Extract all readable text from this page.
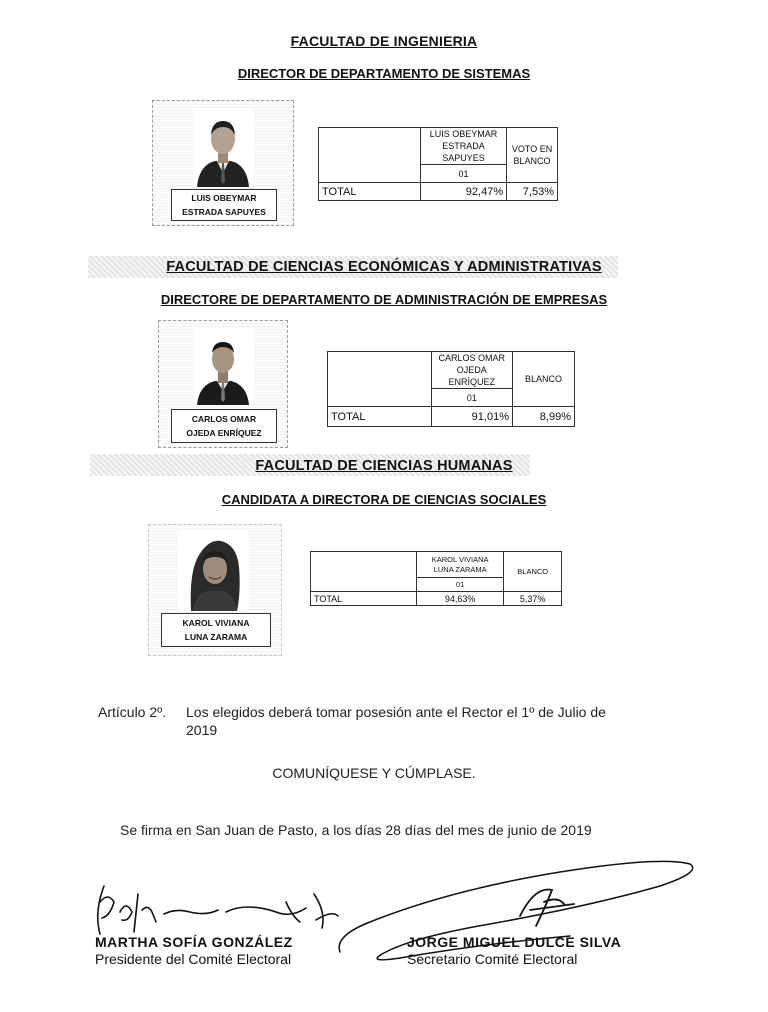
FACULTAD DE INGENIERIA
DIRECTOR DE DEPARTAMENTO DE SISTEMAS
LUIS OBEYMAR
ESTRADA SAPUYES

	LUIS OBEYMAR
ESTRADA SAPUYES	VOTO EN BLANCO
	01	
TOTAL	92,47%	7,53%
FACULTAD DE CIENCIAS ECONÓMICAS Y ADMINISTRATIVAS
DIRECTORE DE DEPARTAMENTO DE ADMINISTRACIÓN DE EMPRESAS
CARLOS OMAR
OJEDA ENRÍQUEZ

	CARLOS OMAR
OJEDA ENRÍQUEZ	BLANCO
	01	
TOTAL	91,01%	8,99%
FACULTAD DE CIENCIAS HUMANAS
CANDIDATA A DIRECTORA DE CIENCIAS SOCIALES
KAROL VIVIANA
LUNA ZARAMA

	KAROL VIVIANA
LUNA ZARAMA	BLANCO
	01	
TOTAL	94,63%	5,37%
Artículo 2º. Los elegidos deberá tomar posesión ante el Rector el 1º de Julio de
2019
COMUNÍQUESE Y CÚMPLASE.
Se firma en San Juan de Pasto, a los días 28 días del mes de junio de 2019
MARTHA SOFÍA GONZÁLEZ
Presidente del Comité Electoral
JORGE MIGUEL DULCE SILVA
Secretario Comité Electoral
